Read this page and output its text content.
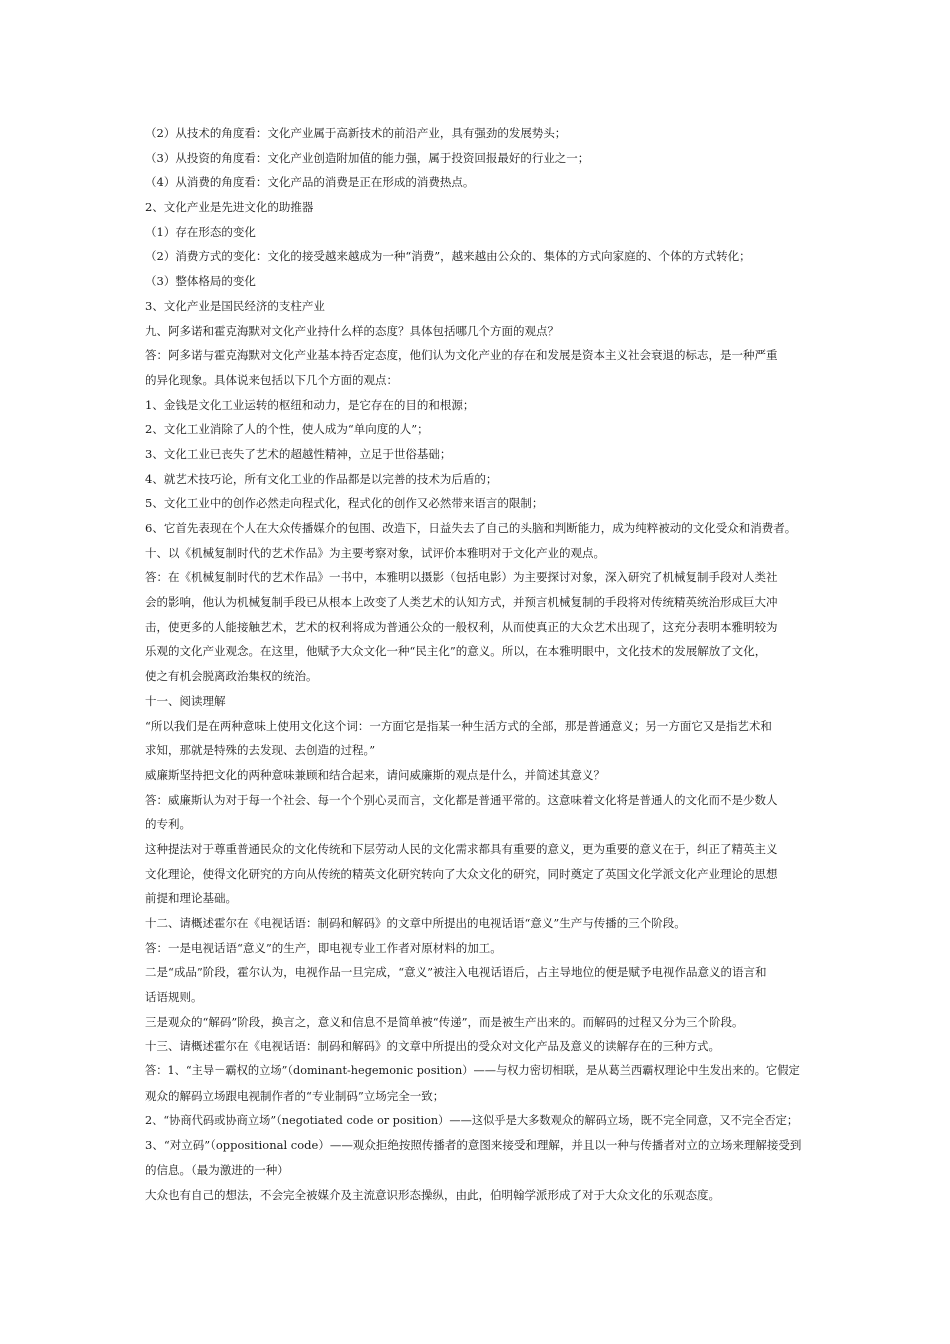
（2）从技术的角度看：文化产业属于高新技术的前沿产业，具有强劲的发展势头；
（3）从投资的角度看：文化产业创造附加值的能力强，属于投资回报最好的行业之一；
（4）从消费的角度看：文化产品的消费是正在形成的消费热点。
2、文化产业是先进文化的助推器
（1）存在形态的变化
（2）消费方式的变化：文化的接受越来越成为一种“消费”，越来越由公众的、集体的方式向家庭的、个体的方式转化；
（3）整体格局的变化
3、文化产业是国民经济的支柱产业
九、阿多诺和霍克海默对文化产业持什么样的态度？具体包括哪几个方面的观点？
答：阿多诺与霍克海默对文化产业基本持否定态度，他们认为文化产业的存在和发展是资本主义社会衰退的标志，是一种严重
的异化现象。具体说来包括以下几个方面的观点：
1、金钱是文化工业运转的枢纽和动力，是它存在的目的和根源；
2、文化工业消除了人的个性，使人成为“单向度的人”；
3、文化工业已丧失了艺术的超越性精神，立足于世俗基础；
4、就艺术技巧论，所有文化工业的作品都是以完善的技术为后盾的；
5、文化工业中的创作必然走向程式化，程式化的创作又必然带来语言的限制；
6、它首先表现在个人在大众传播媒介的包围、改造下，日益失去了自己的头脑和判断能力，成为纯粹被动的文化受众和消费者。
十、以《机械复制时代的艺术作品》为主要考察对象，试评价本雅明对于文化产业的观点。
答：在《机械复制时代的艺术作品》一书中，本雅明以摄影（包括电影）为主要探讨对象，深入研究了机械复制手段对人类社
会的影响，他认为机械复制手段已从根本上改变了人类艺术的认知方式，并预言机械复制的手段将对传统精英统治形成巨大冲
击，使更多的人能接触艺术，艺术的权利将成为普通公众的一般权利，从而使真正的大众艺术出现了，这充分表明本雅明较为
乐观的文化产业观念。在这里，他赋予大众文化一种“民主化”的意义。所以，在本雅明眼中，文化技术的发展解放了文化，
使之有机会脱离政治集权的统治。
十一、阅读理解
“所以我们是在两种意味上使用文化这个词：一方面它是指某一种生活方式的全部，那是普通意义；另一方面它又是指艺术和
求知，那就是特殊的去发现、去创造的过程。”
威廉斯坚持把文化的两种意味兼顾和结合起来，请问威廉斯的观点是什么，并简述其意义？
答：威廉斯认为对于每一个社会、每一个个别心灵而言，文化都是普通平常的。这意味着文化将是普通人的文化而不是少数人
的专利。
这种提法对于尊重普通民众的文化传统和下层劳动人民的文化需求都具有重要的意义，更为重要的意义在于，纠正了精英主义
文化理论，使得文化研究的方向从传统的精英文化研究转向了大众文化的研究，同时奠定了英国文化学派文化产业理论的思想
前提和理论基础。
十二、请概述霍尔在《电视话语：制码和解码》的文章中所提出的电视话语“意义”生产与传播的三个阶段。
答：一是电视话语“意义”的生产，即电视专业工作者对原材料的加工。
二是“成品”阶段，霍尔认为，电视作品一旦完成，“意义”被注入电视话语后，占主导地位的便是赋予电视作品意义的语言和
话语规则。
三是观众的“解码”阶段，换言之，意义和信息不是简单被“传递”，而是被生产出来的。而解码的过程又分为三个阶段。
十三、请概述霍尔在《电视话语：制码和解码》的文章中所提出的受众对文化产品及意义的读解存在的三种方式。
答：1、“主导－霸权的立场”（dominant-hegemonic position）——与权力密切相联，是从葛兰西霸权理论中生发出来的。它假定
观众的解码立场跟电视制作者的“专业制码”立场完全一致；
2、“协商代码或协商立场”（negotiated code or position）——这似乎是大多数观众的解码立场，既不完全同意，又不完全否定；
3、“对立码”（oppositional code）——观众拒绝按照传播者的意图来接受和理解，并且以一种与传播者对立的立场来理解接受到
的信息。（最为激进的一种）
大众也有自己的想法，不会完全被媒介及主流意识形态操纵，由此，伯明翰学派形成了对于大众文化的乐观态度。
